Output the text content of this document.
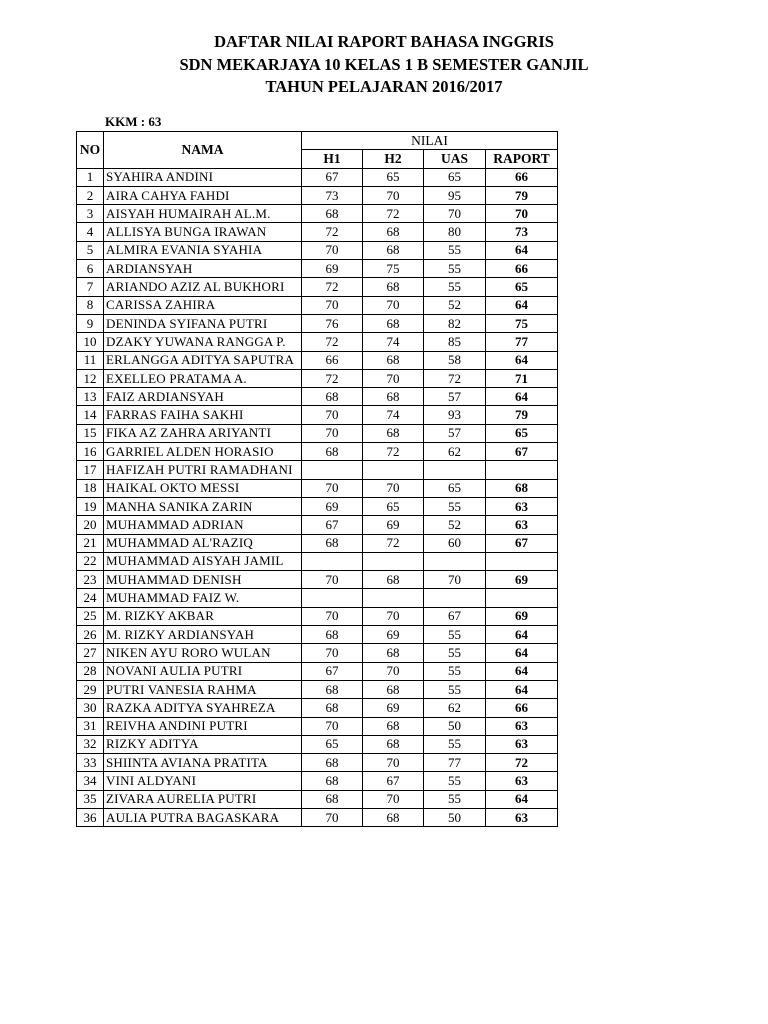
DAFTAR NILAI RAPORT BAHASA INGGRIS
SDN MEKARJAYA 10 KELAS 1 B SEMESTER GANJIL
TAHUN PELAJARAN 2016/2017
KKM : 63
NO	NAMA	NILAI			
		H1	H2	UAS	RAPORT
1	SYAHIRA ANDINI	67	65	65	66
2	AIRA CAHYA FAHDI	73	70	95	79
3	AISYAH HUMAIRAH AL.M.	68	72	70	70
4	ALLISYA BUNGA IRAWAN	72	68	80	73
5	ALMIRA EVANIA SYAHIA	70	68	55	64
6	ARDIANSYAH	69	75	55	66
7	ARIANDO AZIZ AL BUKHORI	72	68	55	65
8	CARISSA ZAHIRA	70	70	52	64
9	DENINDA SYIFANA PUTRI	76	68	82	75
10	DZAKY YUWANA RANGGA P.	72	74	85	77
11	ERLANGGA ADITYA SAPUTRA	66	68	58	64
12	EXELLEO PRATAMA A.	72	70	72	71
13	FAIZ ARDIANSYAH	68	68	57	64
14	FARRAS FAIHA SAKHI	70	74	93	79
15	FIKA AZ ZAHRA ARIYANTI	70	68	57	65
16	GARRIEL ALDEN HORASIO	68	72	62	67
17	HAFIZAH PUTRI RAMADHANI				
18	HAIKAL OKTO MESSI	70	70	65	68
19	MANHA SANIKA ZARIN	69	65	55	63
20	MUHAMMAD ADRIAN	67	69	52	63
21	MUHAMMAD AL'RAZIQ	68	72	60	67
22	MUHAMMAD AISYAH JAMIL				
23	MUHAMMAD DENISH	70	68	70	69
24	MUHAMMAD FAIZ W.				
25	M. RIZKY AKBAR	70	70	67	69
26	M. RIZKY ARDIANSYAH	68	69	55	64
27	NIKEN AYU RORO WULAN	70	68	55	64
28	NOVANI AULIA PUTRI	67	70	55	64
29	PUTRI VANESIA RAHMA	68	68	55	64
30	RAZKA ADITYA SYAHREZA	68	69	62	66
31	REIVHA ANDINI PUTRI	70	68	50	63
32	RIZKY ADITYA	65	68	55	63
33	SHIINTA AVIANA PRATITA	68	70	77	72
34	VINI ALDYANI	68	67	55	63
35	ZIVARA AURELIA PUTRI	68	70	55	64
36	AULIA PUTRA BAGASKARA	70	68	50	63
